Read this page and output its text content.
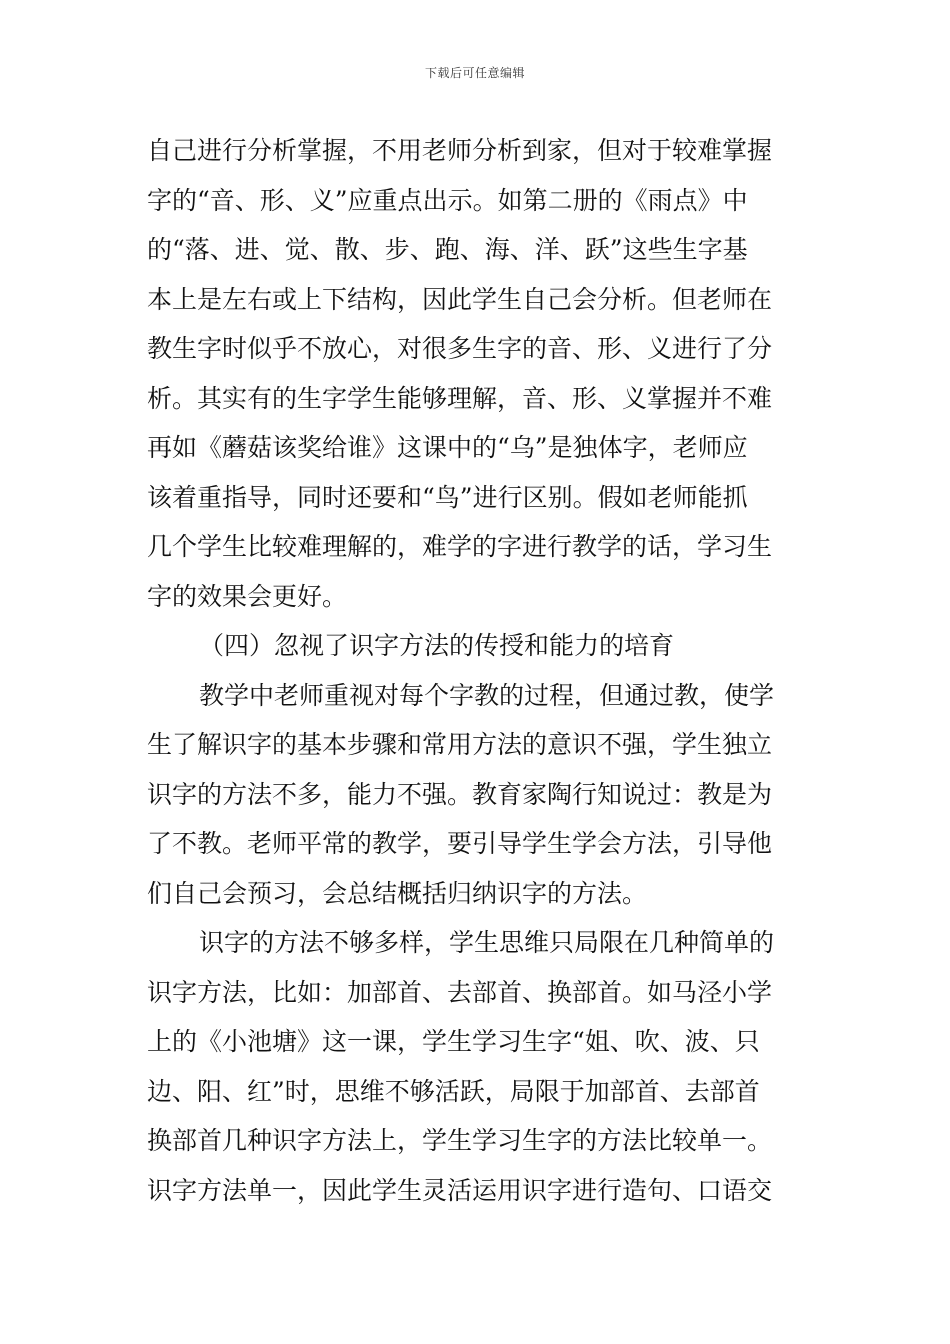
下载后可任意编辑
自己进行分析掌握，不用老师分析到家，但对于较难掌握
字的“音、形、义”应重点出示。如第二册的《雨点》中
的“落、进、觉、散、步、跑、海、洋、跃”这些生字基
本上是左右或上下结构，因此学生自己会分析。但老师在
教生字时似乎不放心，对很多生字的音、形、义进行了分
析。其实有的生字学生能够理解，音、形、义掌握并不难
再如《蘑菇该奖给谁》这课中的“乌”是独体字，老师应
该着重指导，同时还要和“鸟”进行区别。假如老师能抓
几个学生比较难理解的，难学的字进行教学的话，学习生
字的效果会更好。
（四）忽视了识字方法的传授和能力的培育
教学中老师重视对每个字教的过程，但通过教，使学
生了解识字的基本步骤和常用方法的意识不强，学生独立
识字的方法不多，能力不强。教育家陶行知说过：教是为
了不教。老师平常的教学，要引导学生学会方法，引导他
们自己会预习，会总结概括归纳识字的方法。
识字的方法不够多样，学生思维只局限在几种简单的
识字方法，比如：加部首、去部首、换部首。如马泾小学
上的《小池塘》这一课，学生学习生字“姐、吹、波、只
边、阳、红”时，思维不够活跃，局限于加部首、去部首
换部首几种识字方法上，学生学习生字的方法比较单一。
识字方法单一，因此学生灵活运用识字进行造句、口语交
